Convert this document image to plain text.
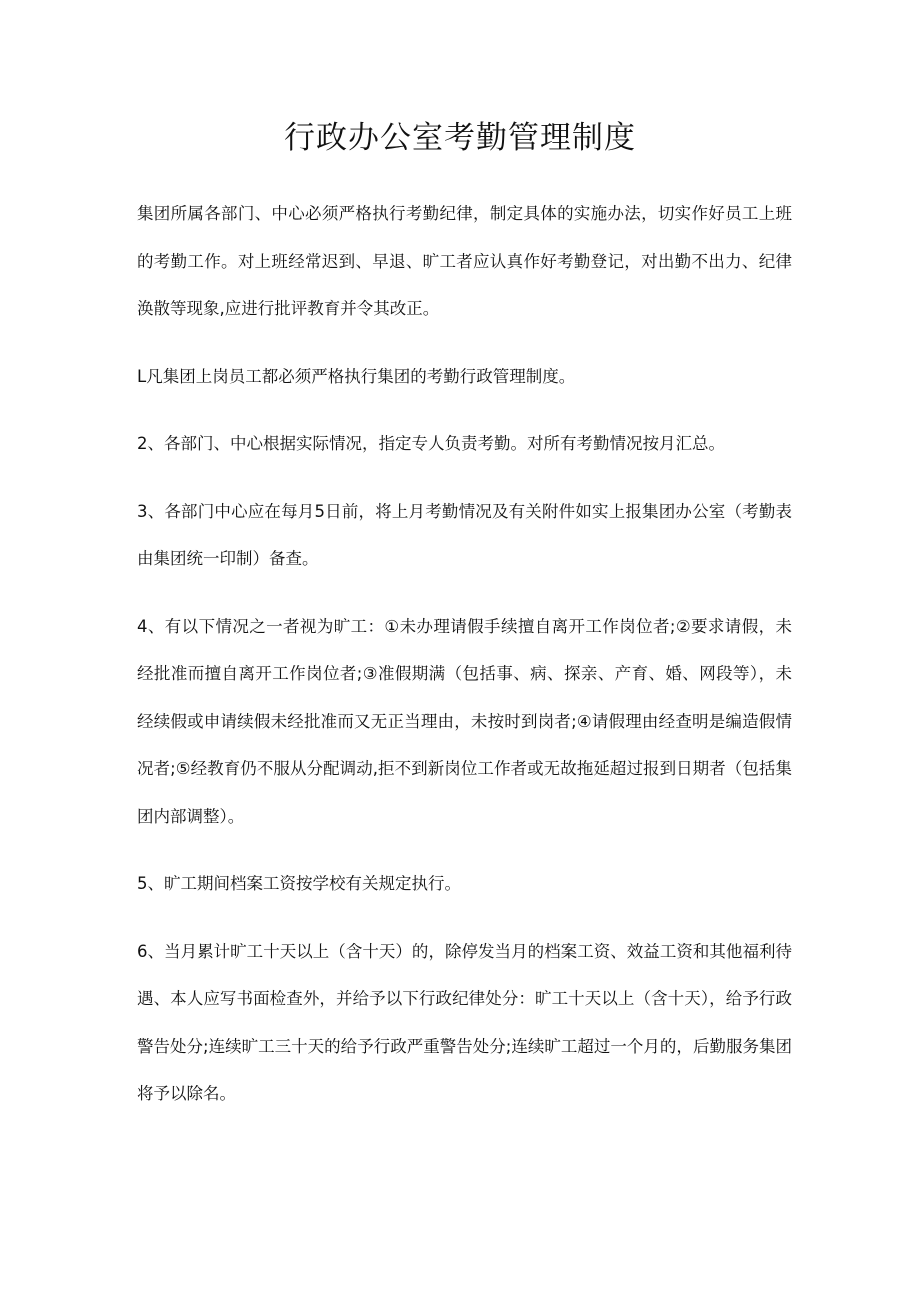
行政办公室考勤管理制度

集团所属各部门、中心必须严格执行考勤纪律，制定具体的实施办法，切实作好员工上班的考勤工作。对上班经常迟到、早退、旷工者应认真作好考勤登记，对出勤不出力、纪律涣散等现象,应进行批评教育并令其改正。

L凡集团上岗员工都必须严格执行集团的考勤行政管理制度。

2、各部门、中心根据实际情况，指定专人负责考勤。对所有考勤情况按月汇总。

3、各部门中心应在每月5日前，将上月考勤情况及有关附件如实上报集团办公室（考勤表由集团统一印制）备查。

4、有以下情况之一者视为旷工：①未办理请假手续擅自离开工作岗位者;②要求请假，未经批准而擅自离开工作岗位者;③准假期满（包括事、病、探亲、产育、婚、网段等），未经续假或申请续假未经批准而又无正当理由，未按时到岗者;④请假理由经查明是编造假情况者;⑤经教育仍不服从分配调动,拒不到新岗位工作者或无故拖延超过报到日期者（包括集团内部调整）。

5、旷工期间档案工资按学校有关规定执行。

6、当月累计旷工十天以上（含十天）的，除停发当月的档案工资、效益工资和其他福利待遇、本人应写书面检查外，并给予以下行政纪律处分：旷工十天以上（含十天），给予行政警告处分;连续旷工三十天的给予行政严重警告处分;连续旷工超过一个月的，后勤服务集团将予以除名。
